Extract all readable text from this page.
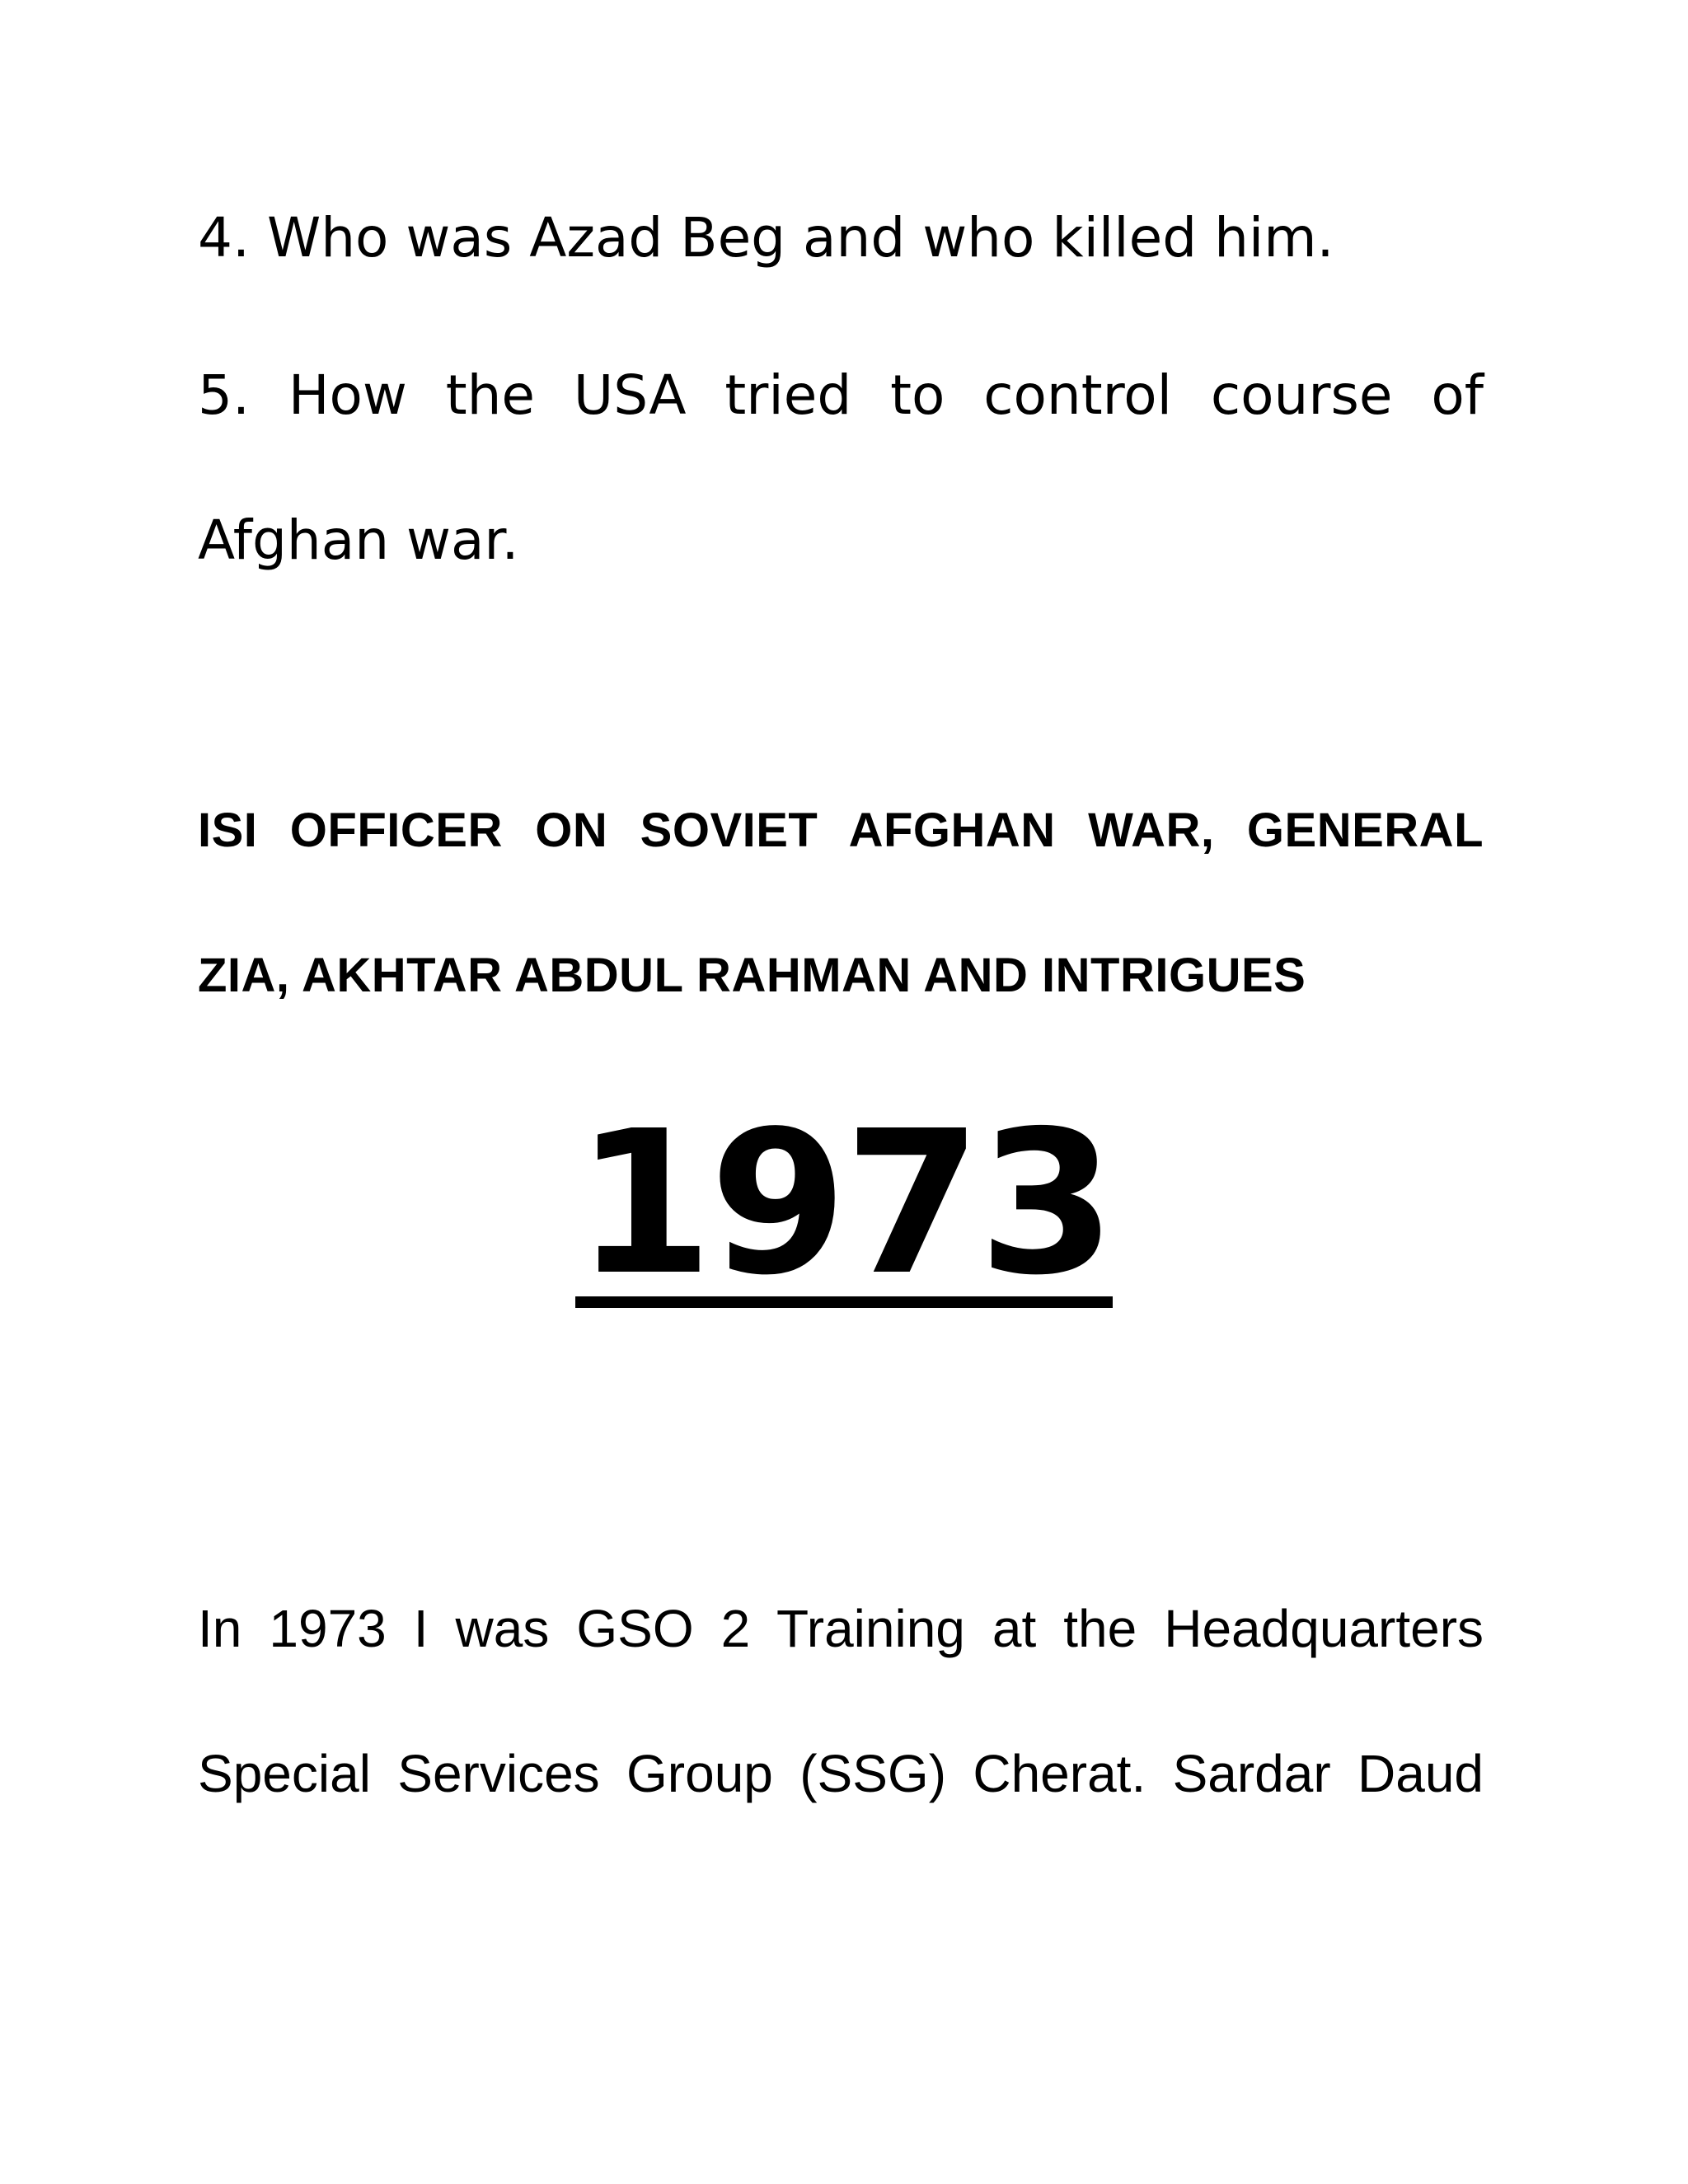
4. Who was Azad Beg and who killed him.

5. How the USA tried to control course of Afghan war.

ISI OFFICER ON SOVIET AFGHAN WAR, GENERAL
ZIA, AKHTAR ABDUL RAHMAN AND INTRIGUES
1973

In 1973 I was GSO 2 Training at the Headquarters Special Services Group (SSG) Cherat. Sardar Daud
